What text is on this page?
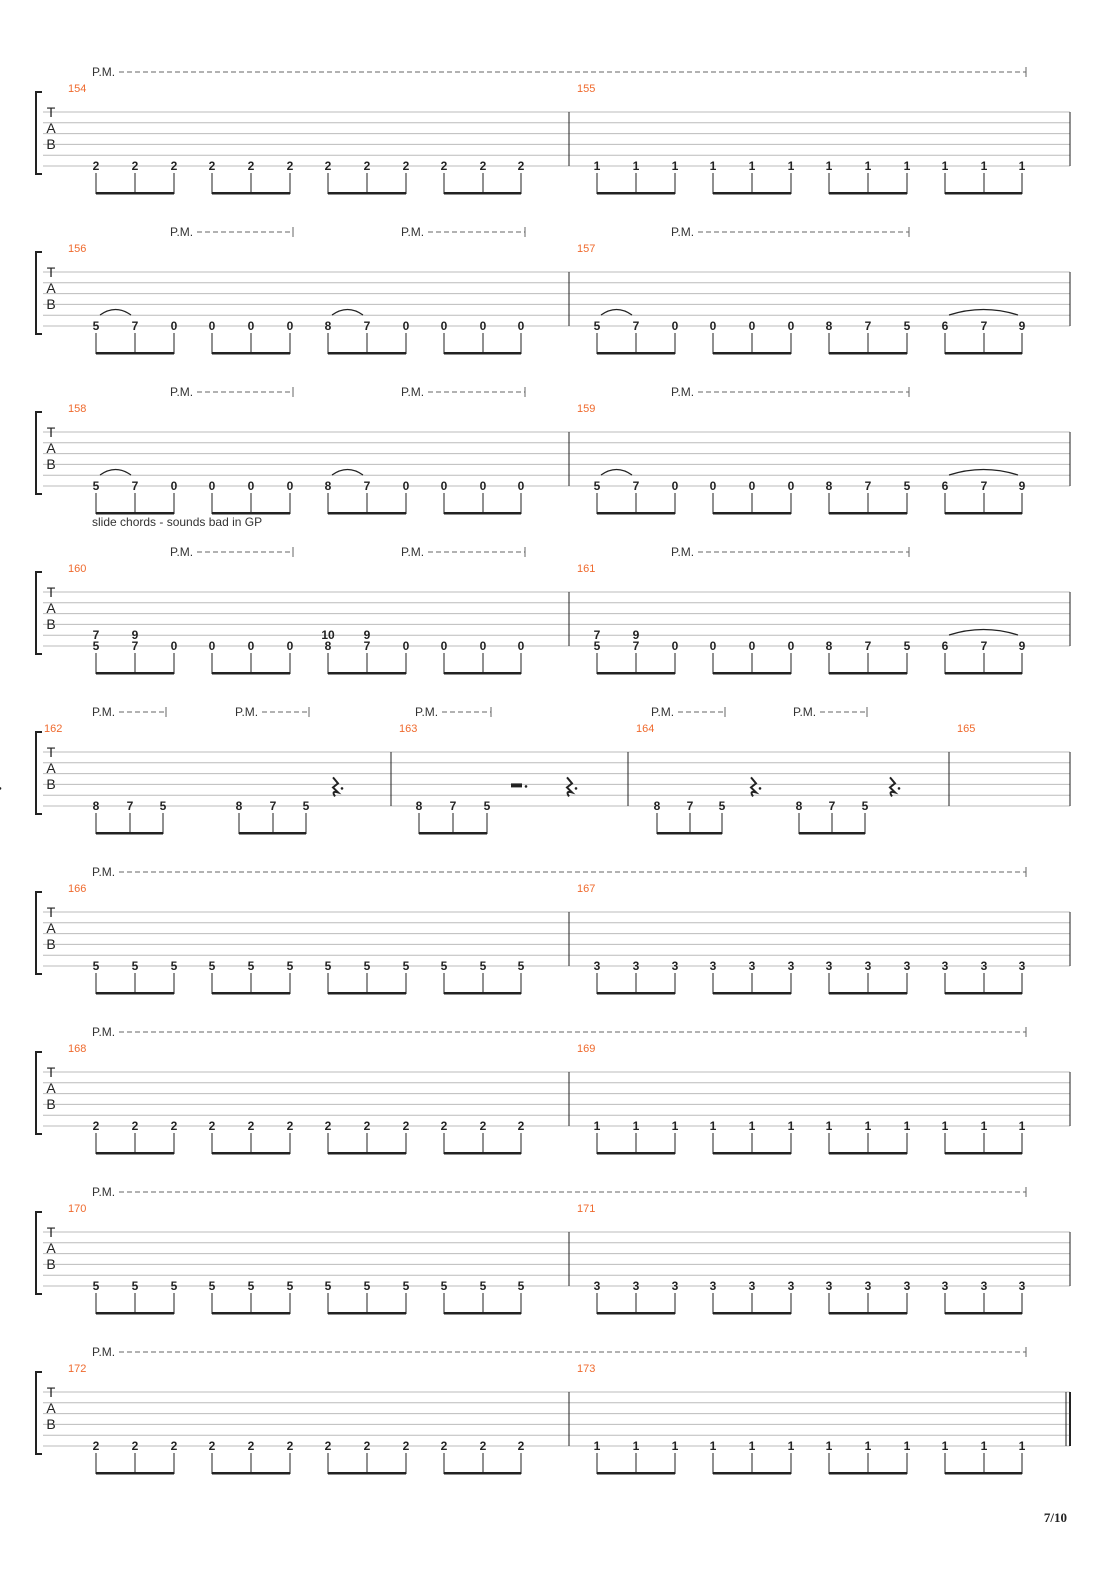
T
A
B
P.M.
154
2	2	2	2	2	2	2	2	2	2	2	2
155
1	1	1	1	1	1	1	1	1	1	1	1
T
A
B
P.M.	P.M.	P.M.
156
5	7	0	0	0	0	8	7	0	0	0	0
157
5	7	0	0	0	0	8	7	5	6	7	9
T
A
B
P.M.	P.M.	P.M.
158
5	7	0	0	0	0	8	7	0	0	0	0
159
5	7	0	0	0	0	8	7	5	6	7	9
T
A
B
slide chords - sounds bad in GP
P.M.	P.M.	P.M.
160
7
5
9
7	0	0	0	0
10
8
9
7	0	0	0	0
161
7
5
9
7	0	0	0	0	8	7	5	6	7	9
T
A
B
P.M.	P.M.	P.M.	P.M.	P.M.
162
8 7 5	8 7 5
163
8 7 5
164
8 7 5	8 7 5
165
T
A
B
P.M.
166
5	5	5	5	5	5	5	5	5	5	5	5
167
3	3	3	3	3	3	3	3	3	3	3	3
T
A
B
P.M.
168
2	2	2	2	2	2	2	2	2	2	2	2
169
1	1	1	1	1	1	1	1	1	1	1	1
T
A
B
P.M.
170
5	5	5	5	5	5	5	5	5	5	5	5
171
3	3	3	3	3	3	3	3	3	3	3	3
T
A
B
P.M.
172
2	2	2	2	2	2	2	2	2	2	2	2
173
1	1	1	1	1	1	1	1	1	1	1	1
7/10
